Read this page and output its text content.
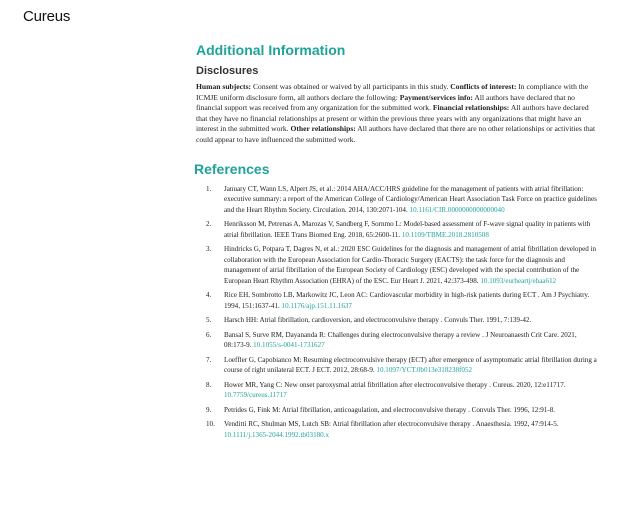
Cureus
Additional Information
Disclosures

Human subjects: Consent was obtained or waived by all participants in this study. Conflicts of interest: In compliance with the ICMJE uniform disclosure form, all authors declare the following: Payment/services info: All authors have declared that no financial support was received from any organization for the submitted work. Financial relationships: All authors have declared that they have no financial relationships at present or within the previous three years with any organizations that might have an interest in the submitted work. Other relationships: All authors have declared that there are no other relationships or activities that could appear to have influenced the submitted work.

References
1. January CT, Wann LS, Alpert JS, et al.: 2014 AHA/ACC/HRS guideline for the management of patients with atrial fibrillation: executive summary: a report of the American College of Cardiology/American Heart Association Task Force on practice guidelines and the Heart Rhythm Society. Circulation. 2014, 130:2071-104. 10.1161/CIR.0000000000000040
2. Henriksson M, Petrenas A, Marozas V, Sandberg F, Sornmo L: Model-based assessment of F-wave signal quality in patients with atrial fibrillation. IEEE Trans Biomed Eng. 2018, 65:2600-11. 10.1109/TBME.2018.2810508
3. Hindricks G, Potpara T, Dagres N, et al.: 2020 ESC Guidelines for the diagnosis and management of atrial fibrillation developed in collaboration with the European Association for Cardio-Thoracic Surgery (EACTS): the task force for the diagnosis and management of atrial fibrillation of the European Society of Cardiology (ESC) developed with the special contribution of the European Heart Rhythm Association (EHRA) of the ESC. Eur Heart J. 2021, 42:373-498. 10.1093/eurheartj/ehaa612
4. Rice EH, Sombrotto LB, Markowitz JC, Leon AC: Cardiovascular morbidity in high-risk patients during ECT . Am J Psychiatry. 1994, 151:1637-41. 10.1176/ajp.151.11.1637
5. Harsch HH: Atrial fibrillation, cardioversion, and electroconvulsive therapy . Convuls Ther. 1991, 7:139-42.
6. Bansal S, Surve RM, Dayananda R: Challenges during electroconvulsive therapy a review . J Neuroanaesth Crit Care. 2021, 08:173-9. 10.1055/s-0041-1731627
7. Loeffler G, Capobianco M: Resuming electroconvulsive therapy (ECT) after emergence of asymptomatic atrial fibrillation during a course of right unilateral ECT. J ECT. 2012, 28:68-9. 10.1097/YCT.0b013e318238f052
8. Hower MR, Yang C: New onset paroxysmal atrial fibrillation after electroconvulsive therapy . Cureus. 2020, 12:e11717. 10.7759/cureus.11717
9. Petrides G, Fink M: Atrial fibrillation, anticoagulation, and electroconvulsive therapy . Convuls Ther. 1996, 12:91-8.
10. Venditti RC, Shulman MS, Lutch SB: Atrial fibrillation after electroconvulsive therapy . Anaesthesia. 1992, 47:914-5. 10.1111/j.1365-2044.1992.tb03180.x
